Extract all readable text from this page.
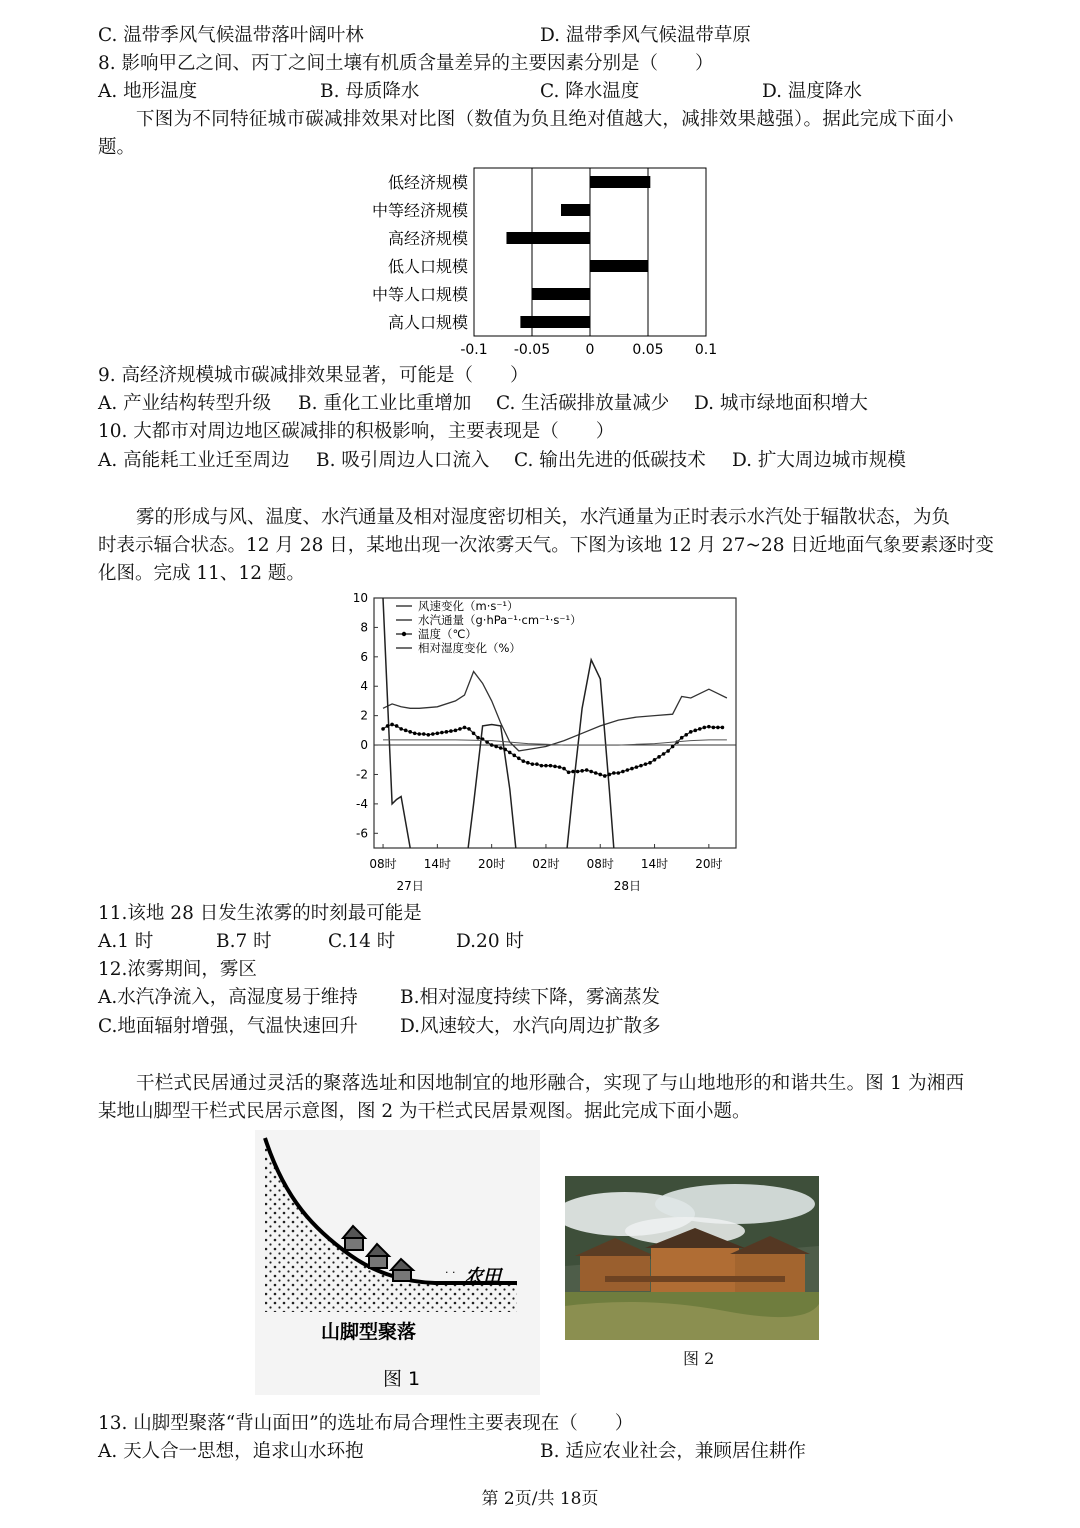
C. 温带季风气候温带落叶阔叶林	D. 温带季风气候温带草原
8. 影响甲乙之间、丙丁之间土壤有机质含量差异的主要因素分别是（　　）
A. 地形温度	B. 母质降水	C. 降水温度	D. 温度降水
下图为不同特征城市碳减排效果对比图（数值为负且绝对值越大，减排效果越强）。据此完成下面小
题。
低经济规模
中等经济规模
高经济规模
低人口规模
中等人口规模
高人口规模
-0.1 -0.05	0	0.05 0.1
9. 高经济规模城市碳减排效果显著，可能是（　　）
A. 产业结构转型升级 B. 重化工业比重增加 C. 生活碳排放量减少 D. 城市绿地面积增大
10. 大都市对周边地区碳减排的积极影响，主要表现是（　　）
A. 高能耗工业迁至周边 B. 吸引周边人口流入 C. 输出先进的低碳技术 D. 扩大周边城市规模
雾的形成与风、温度、水汽通量及相对湿度密切相关，水汽通量为正时表示水汽处于辐散状态，为负
时表示辐合状态。12 月 28 日，某地出现一次浓雾天气。下图为该地 12 月 27~28 日近地面气象要素逐时变
化图。完成 11、12 题。
10
8
6
4
2
0
-2
-4
-6
08时 14时 20时 02时 08时 14时 20时
27日	28日
风速变化（m·s⁻¹）
水汽通量（g·hPa⁻¹·cm⁻¹·s⁻¹）
温度（℃）
相对湿度变化（%）
11.该地 28 日发生浓雾的时刻最可能是
A.1 时	B.7 时	C.14 时	D.20 时
12.浓雾期间，雾区
A.水汽净流入，高湿度易于维持 B.相对湿度持续下降，雾滴蒸发
C.地面辐射增强，气温快速回升 D.风速较大，水汽向周边扩散多
干栏式民居通过灵活的聚落选址和因地制宜的地形融合，实现了与山地地形的和谐共生。图 1 为湘西
某地山脚型干栏式民居示意图，图 2 为干栏式民居景观图。据此完成下面小题。
· · 农田
山脚型聚落
图 1
图 2
13. 山脚型聚落“背山面田”的选址布局合理性主要表现在（　　）
A. 天人合一思想，追求山水环抱	B. 适应农业社会，兼顾居住耕作
第 2页/共 18页
